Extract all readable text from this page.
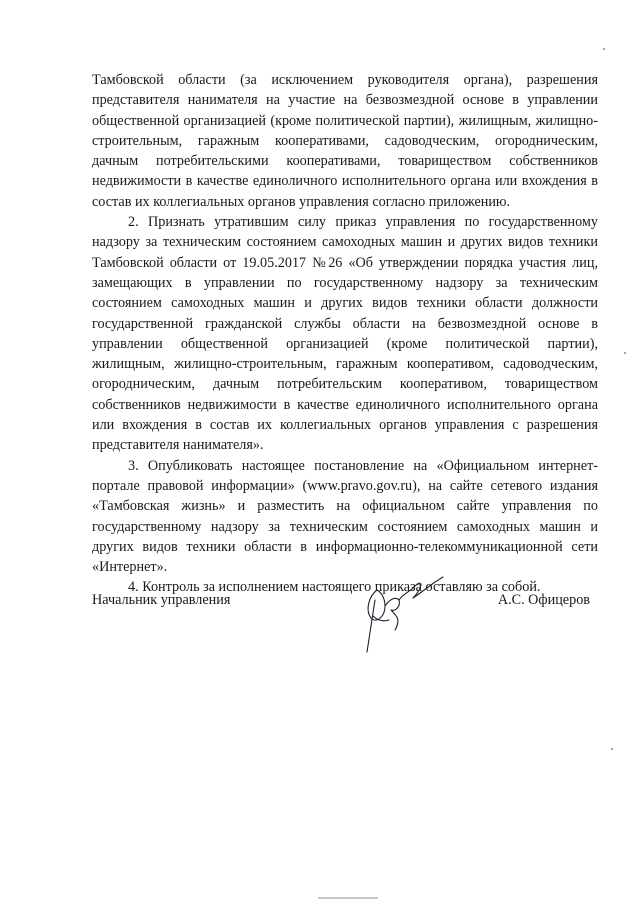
Тамбовской области (за исключением руководителя органа), разрешения представителя нанимателя на участие на безвозмездной основе в управлении общественной организацией (кроме политической партии), жилищным, жилищно-строительным, гаражным кооперативами, садоводческим, огородническим, дачным потребительскими кооперативами, товариществом собственников недвижимости в качестве единоличного исполнительного органа или вхождения в состав их коллегиальных органов управления согласно приложению.

2. Признать утратившим силу приказ управления по государственному надзору за техническим состоянием самоходных машин и других видов техники Тамбовской области от 19.05.2017 №26 «Об утверждении порядка участия лиц, замещающих в управлении по государственному надзору за техническим состоянием самоходных машин и других видов техники области должности государственной гражданской службы области на безвозмездной основе в управлении общественной организацией (кроме политической партии), жилищным, жилищно-строительным, гаражным кооперативом, садоводческим, огородническим, дачным потребительским кооперативом, товариществом собственников недвижимости в качестве единоличного исполнительного органа или вхождения в состав их коллегиальных органов управления с разрешения представителя нанимателя».

3. Опубликовать настоящее постановление на «Официальном интернет-портале правовой информации» (www.pravo.gov.ru), на сайте сетевого издания «Тамбовская жизнь» и разместить на официальном сайте управления по государственному надзору за техническим состоянием самоходных машин и других видов техники области в информационно-телекоммуникационной сети «Интернет».

4. Контроль за исполнением настоящего приказа оставляю за собой.

Начальник управления	А.С. Офицеров
